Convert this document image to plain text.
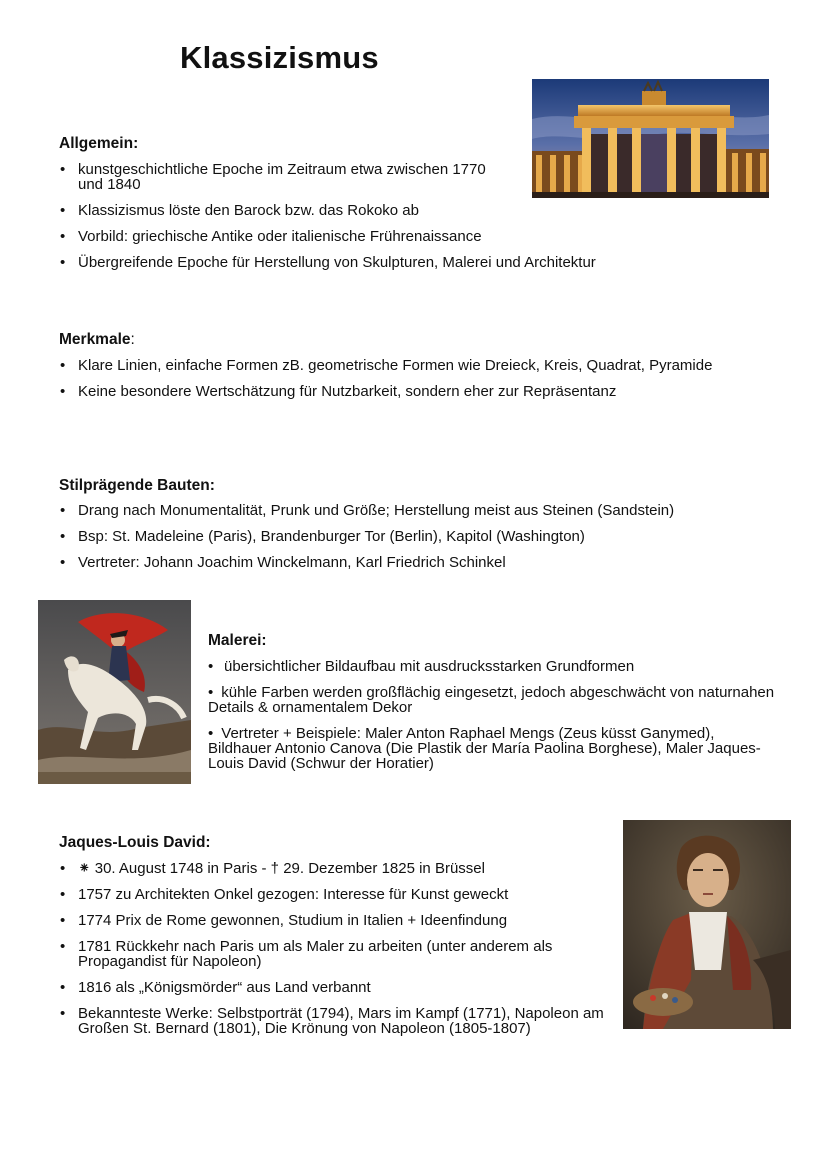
Klassizismus
Allgemein:
• kunstgeschichtliche Epoche im Zeitraum etwa zwischen 1770 und 1840
• Klassizismus löste den Barock bzw. das Rokoko ab
• Vorbild: griechische Antike oder italienische Frührenaissance
• Übergreifende Epoche für Herstellung von Skulpturen, Malerei und Architektur
Merkmale:
• Klare Linien, einfache Formen zB. geometrische Formen wie Dreieck, Kreis, Quadrat, Pyramide
• Keine besondere Wertschätzung für Nutzbarkeit, sondern eher zur Repräsentanz
Stilprägende Bauten:
• Drang nach Monumentalität, Prunk und Größe; Herstellung meist aus Steinen (Sandstein)
• Bsp: St. Madeleine (Paris), Brandenburger Tor (Berlin), Kapitol (Washington)
• Vertreter: Johann Joachim Winckelmann, Karl Friedrich Schinkel
Malerei:
• übersichtlicher Bildaufbau mit ausdrucksstarken Grundformen
• kühle Farben werden großflächig eingesetzt, jedoch abgeschwächt von naturnahen Details & ornamentalem Dekor
• Vertreter + Beispiele: Maler Anton Raphael Mengs (Zeus küsst Ganymed), Bildhauer Antonio Canova (Die Plastik der María Paolina Borghese), Maler Jaques-Louis David (Schwur der Horatier)
Jaques-Louis David:
• ⁕ 30. August 1748 in Paris - † 29. Dezember 1825 in Brüssel
• 1757 zu Architekten Onkel gezogen: Interesse für Kunst geweckt
• 1774 Prix de Rome gewonnen, Studium in Italien + Ideenfindung
• 1781 Rückkehr nach Paris um als Maler zu arbeiten (unter anderem als Propagandist für Napoleon)
• 1816 als „Königsmörder“ aus Land verbannt
• Bekannteste Werke: Selbstporträt (1794), Mars im Kampf (1771), Napoleon am Großen St. Bernard (1801), Die Krönung von Napoleon (1805-1807)
